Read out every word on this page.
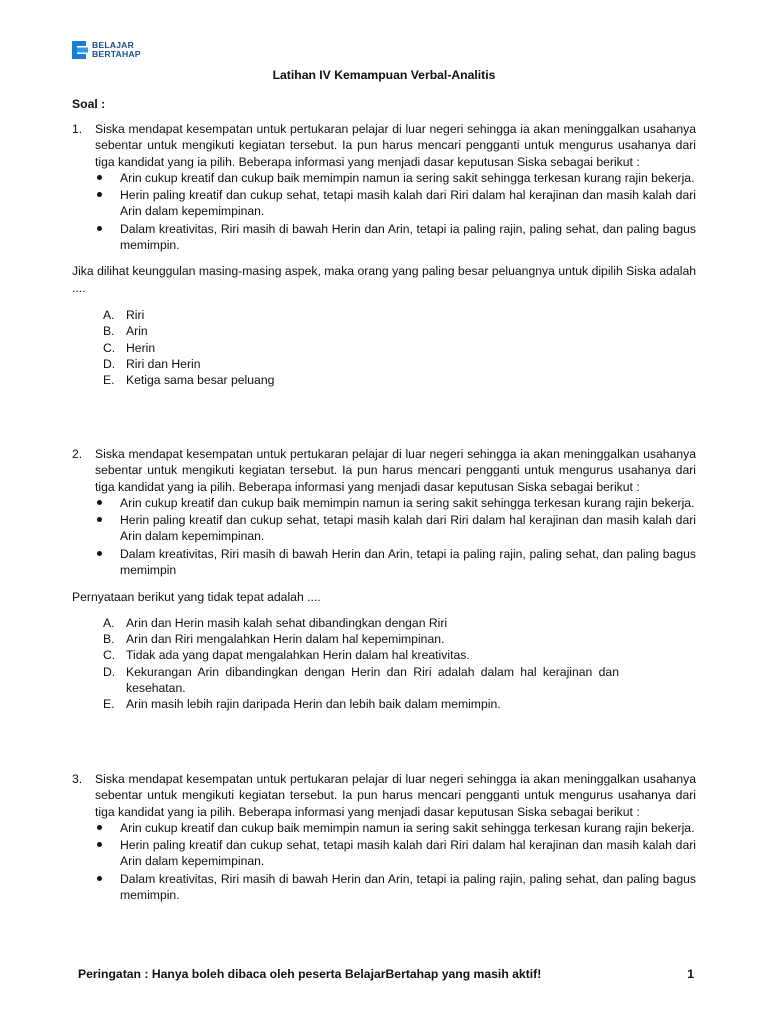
BELAJAR
BERTAHAP
Latihan IV Kemampuan Verbal-Analitis
Soal :
1.	Siska mendapat kesempatan untuk pertukaran pelajar di luar negeri sehingga ia akan meninggalkan usahanya sebentar untuk mengikuti kegiatan tersebut. Ia pun harus mencari pengganti untuk mengurus usahanya dari tiga kandidat yang ia pilih. Beberapa informasi yang menjadi dasar keputusan Siska sebagai berikut :
Arin cukup kreatif dan cukup baik memimpin namun ia sering sakit sehingga terkesan kurang rajin bekerja.
Herin paling kreatif dan cukup sehat, tetapi masih kalah dari Riri dalam hal kerajinan dan masih kalah dari Arin dalam kepemimpinan.
Dalam kreativitas, Riri masih di bawah Herin dan Arin, tetapi ia paling rajin, paling sehat, dan paling bagus memimpin.
Jika dilihat keunggulan masing-masing aspek, maka orang yang paling besar peluangnya untuk dipilih Siska adalah ....
A. Riri
B. Arin
C. Herin
D. Riri dan Herin
E. Ketiga sama besar peluang
2.	Siska mendapat kesempatan untuk pertukaran pelajar di luar negeri sehingga ia akan meninggalkan usahanya sebentar untuk mengikuti kegiatan tersebut. Ia pun harus mencari pengganti untuk mengurus usahanya dari tiga kandidat yang ia pilih. Beberapa informasi yang menjadi dasar keputusan Siska sebagai berikut :
Arin cukup kreatif dan cukup baik memimpin namun ia sering sakit sehingga terkesan kurang rajin bekerja.
Herin paling kreatif dan cukup sehat, tetapi masih kalah dari Riri dalam hal kerajinan dan masih kalah dari Arin dalam kepemimpinan.
Dalam kreativitas, Riri masih di bawah Herin dan Arin, tetapi ia paling rajin, paling sehat, dan paling bagus memimpin
Pernyataan berikut yang tidak tepat adalah ....
A. Arin dan Herin masih kalah sehat dibandingkan dengan Riri
B. Arin dan Riri mengalahkan Herin dalam hal kepemimpinan.
C. Tidak ada yang dapat mengalahkan Herin dalam hal kreativitas.
D. Kekurangan Arin dibandingkan dengan Herin dan Riri adalah dalam hal kerajinan dan kesehatan.
E. Arin masih lebih rajin daripada Herin dan lebih baik dalam memimpin.
3.	Siska mendapat kesempatan untuk pertukaran pelajar di luar negeri sehingga ia akan meninggalkan usahanya sebentar untuk mengikuti kegiatan tersebut. Ia pun harus mencari pengganti untuk mengurus usahanya dari tiga kandidat yang ia pilih. Beberapa informasi yang menjadi dasar keputusan Siska sebagai berikut :
Arin cukup kreatif dan cukup baik memimpin namun ia sering sakit sehingga terkesan kurang rajin bekerja.
Herin paling kreatif dan cukup sehat, tetapi masih kalah dari Riri dalam hal kerajinan dan masih kalah dari Arin dalam kepemimpinan.
Dalam kreativitas, Riri masih di bawah Herin dan Arin, tetapi ia paling rajin, paling sehat, dan paling bagus memimpin.
Peringatan : Hanya boleh dibaca oleh peserta BelajarBertahap yang masih aktif!	1
